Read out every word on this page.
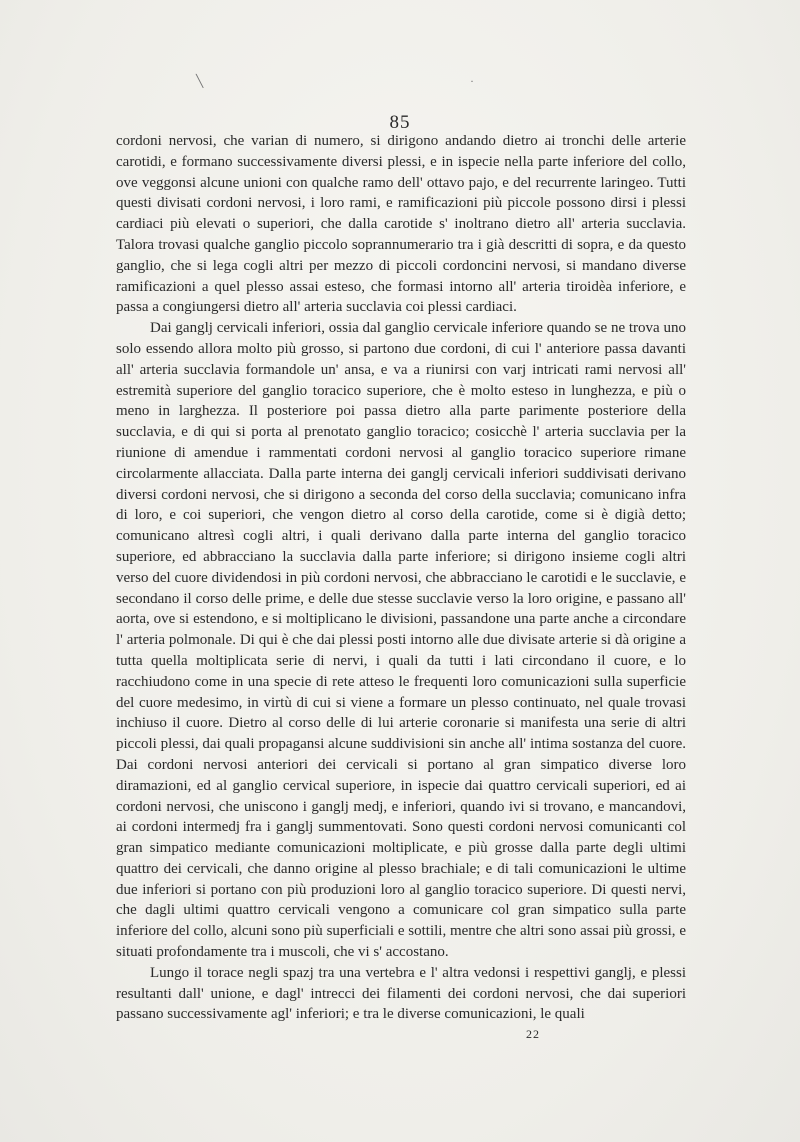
╲	·
85

cordoni nervosi, che varian di numero, si dirigono andando dietro ai tronchi delle arterie carotidi, e formano successivamente diversi plessi, e in ispecie nella parte inferiore del collo, ove veggonsi alcune unioni con qualche ramo dell' ottavo pajo, e del recurrente laringeo. Tutti questi divisati cordoni nervosi, i loro rami, e ramificazioni più piccole possono dirsi i plessi cardiaci più elevati o superiori, che dalla carotide s' inoltrano dietro all' arteria succlavia. Talora trovasi qualche ganglio piccolo soprannumerario tra i già descritti di sopra, e da questo ganglio, che si lega cogli altri per mezzo di piccoli cordoncini nervosi, si mandano diverse ramificazioni a quel plesso assai esteso, che formasi intorno all' arteria tiroidèa inferiore, e passa a congiungersi dietro all' arteria succlavia coi plessi cardiaci.

Dai ganglj cervicali inferiori, ossia dal ganglio cervicale inferiore quando se ne trova uno solo essendo allora molto più grosso, si partono due cordoni, di cui l' anteriore passa davanti all' arteria succlavia formandole un' ansa, e va a riunirsi con varj intricati rami nervosi all' estremità superiore del ganglio toracico superiore, che è molto esteso in lunghezza, e più o meno in larghezza. Il posteriore poi passa dietro alla parte parimente posteriore della succlavia, e di qui si porta al prenotato ganglio toracico; cosicchè l' arteria succlavia per la riunione di amendue i rammentati cordoni nervosi al ganglio toracico superiore rimane circolarmente allacciata. Dalla parte interna dei ganglj cervicali inferiori suddivisati derivano diversi cordoni nervosi, che si dirigono a seconda del corso della succlavia; comunicano infra di loro, e coi superiori, che vengon dietro al corso della carotide, come si è digià detto; comunicano altresì cogli altri, i quali derivano dalla parte interna del ganglio toracico superiore, ed abbracciano la succlavia dalla parte inferiore; si dirigono insieme cogli altri verso del cuore dividendosi in più cordoni nervosi, che abbracciano le carotidi e le succlavie, e secondano il corso delle prime, e delle due stesse succlavie verso la loro origine, e passano all' aorta, ove si estendono, e si moltiplicano le divisioni, passandone una parte anche a circondare l' arteria polmonale. Di qui è che dai plessi posti intorno alle due divisate arterie si dà origine a tutta quella moltiplicata serie di nervi, i quali da tutti i lati circondano il cuore, e lo racchiudono come in una specie di rete atteso le frequenti loro comunicazioni sulla superficie del cuore medesimo, in virtù di cui si viene a formare un plesso continuato, nel quale trovasi inchiuso il cuore. Dietro al corso delle di lui arterie coronarie si manifesta una serie di altri piccoli plessi, dai quali propagansi alcune suddivisioni sin anche all' intima sostanza del cuore. Dai cordoni nervosi anteriori dei cervicali si portano al gran simpatico diverse loro diramazioni, ed al ganglio cervical superiore, in ispecie dai quattro cervicali superiori, ed ai cordoni nervosi, che uniscono i ganglj medj, e inferiori, quando ivi si trovano, e mancandovi, ai cordoni intermedj fra i ganglj summentovati. Sono questi cordoni nervosi comunicanti col gran simpatico mediante comunicazioni moltiplicate, e più grosse dalla parte degli ultimi quattro dei cervicali, che danno origine al plesso brachiale; e di tali comunicazioni le ultime due inferiori si portano con più produzioni loro al ganglio toracico superiore. Di questi nervi, che dagli ultimi quattro cervicali vengono a comunicare col gran simpatico sulla parte inferiore del collo, alcuni sono più superficiali e sottili, mentre che altri sono assai più grossi, e situati profondamente tra i muscoli, che vi s' accostano.

Lungo il torace negli spazj tra una vertebra e l' altra vedonsi i respettivi ganglj, e plessi resultanti dall' unione, e dagl' intrecci dei filamenti dei cordoni nervosi, che dai superiori passano successivamente agl' inferiori; e tra le diverse comunicazioni, le quali

22
